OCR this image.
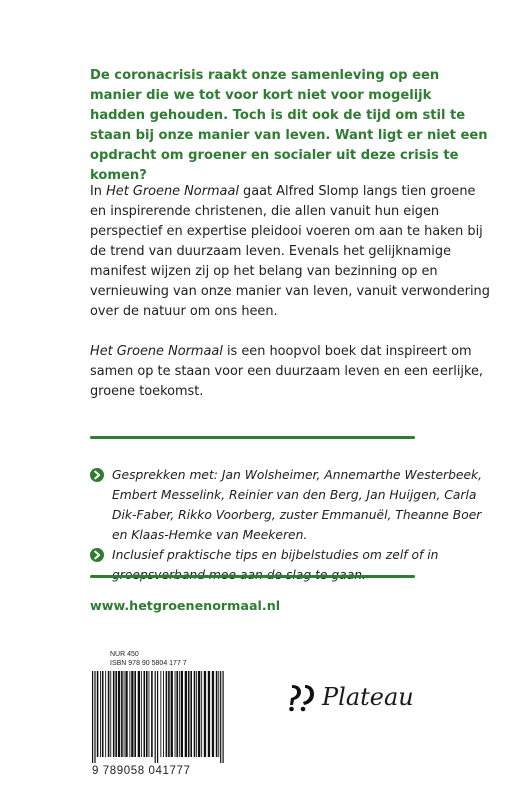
De coronacrisis raakt onze samenleving op een manier die we tot voor kort niet voor mogelijk hadden gehouden. Toch is dit ook de tijd om stil te staan bij onze manier van leven. Want ligt er niet een opdracht om groener en socialer uit deze crisis te komen?

In Het Groene Normaal gaat Alfred Slomp langs tien groene en inspirerende christenen, die allen vanuit hun eigen perspectief en expertise pleidooi voeren om aan te haken bij de trend van duurzaam leven. Evenals het gelijknamige manifest wijzen zij op het belang van bezinning op en vernieuwing van onze manier van leven, vanuit verwondering over de natuur om ons heen.

Het Groene Normaal is een hoopvol boek dat inspireert om samen op te staan voor een duurzaam leven en een eerlijke, groene toekomst.

Gesprekken met: Jan Wolsheimer, Annemarthe Westerbeek, Embert Messelink, Reinier van den Berg, Jan Huijgen, Carla Dik-Faber, Rikko Voorberg, zuster Emmanuël, Theanne Boer en Klaas-Hemke van Meekeren.
Inclusief praktische tips en bijbelstudies om zelf of in
www.hetgroenenormaal.nl
NUR 450
ISBN 978 90 5804 177 7
9 789058 041777
Plateau
